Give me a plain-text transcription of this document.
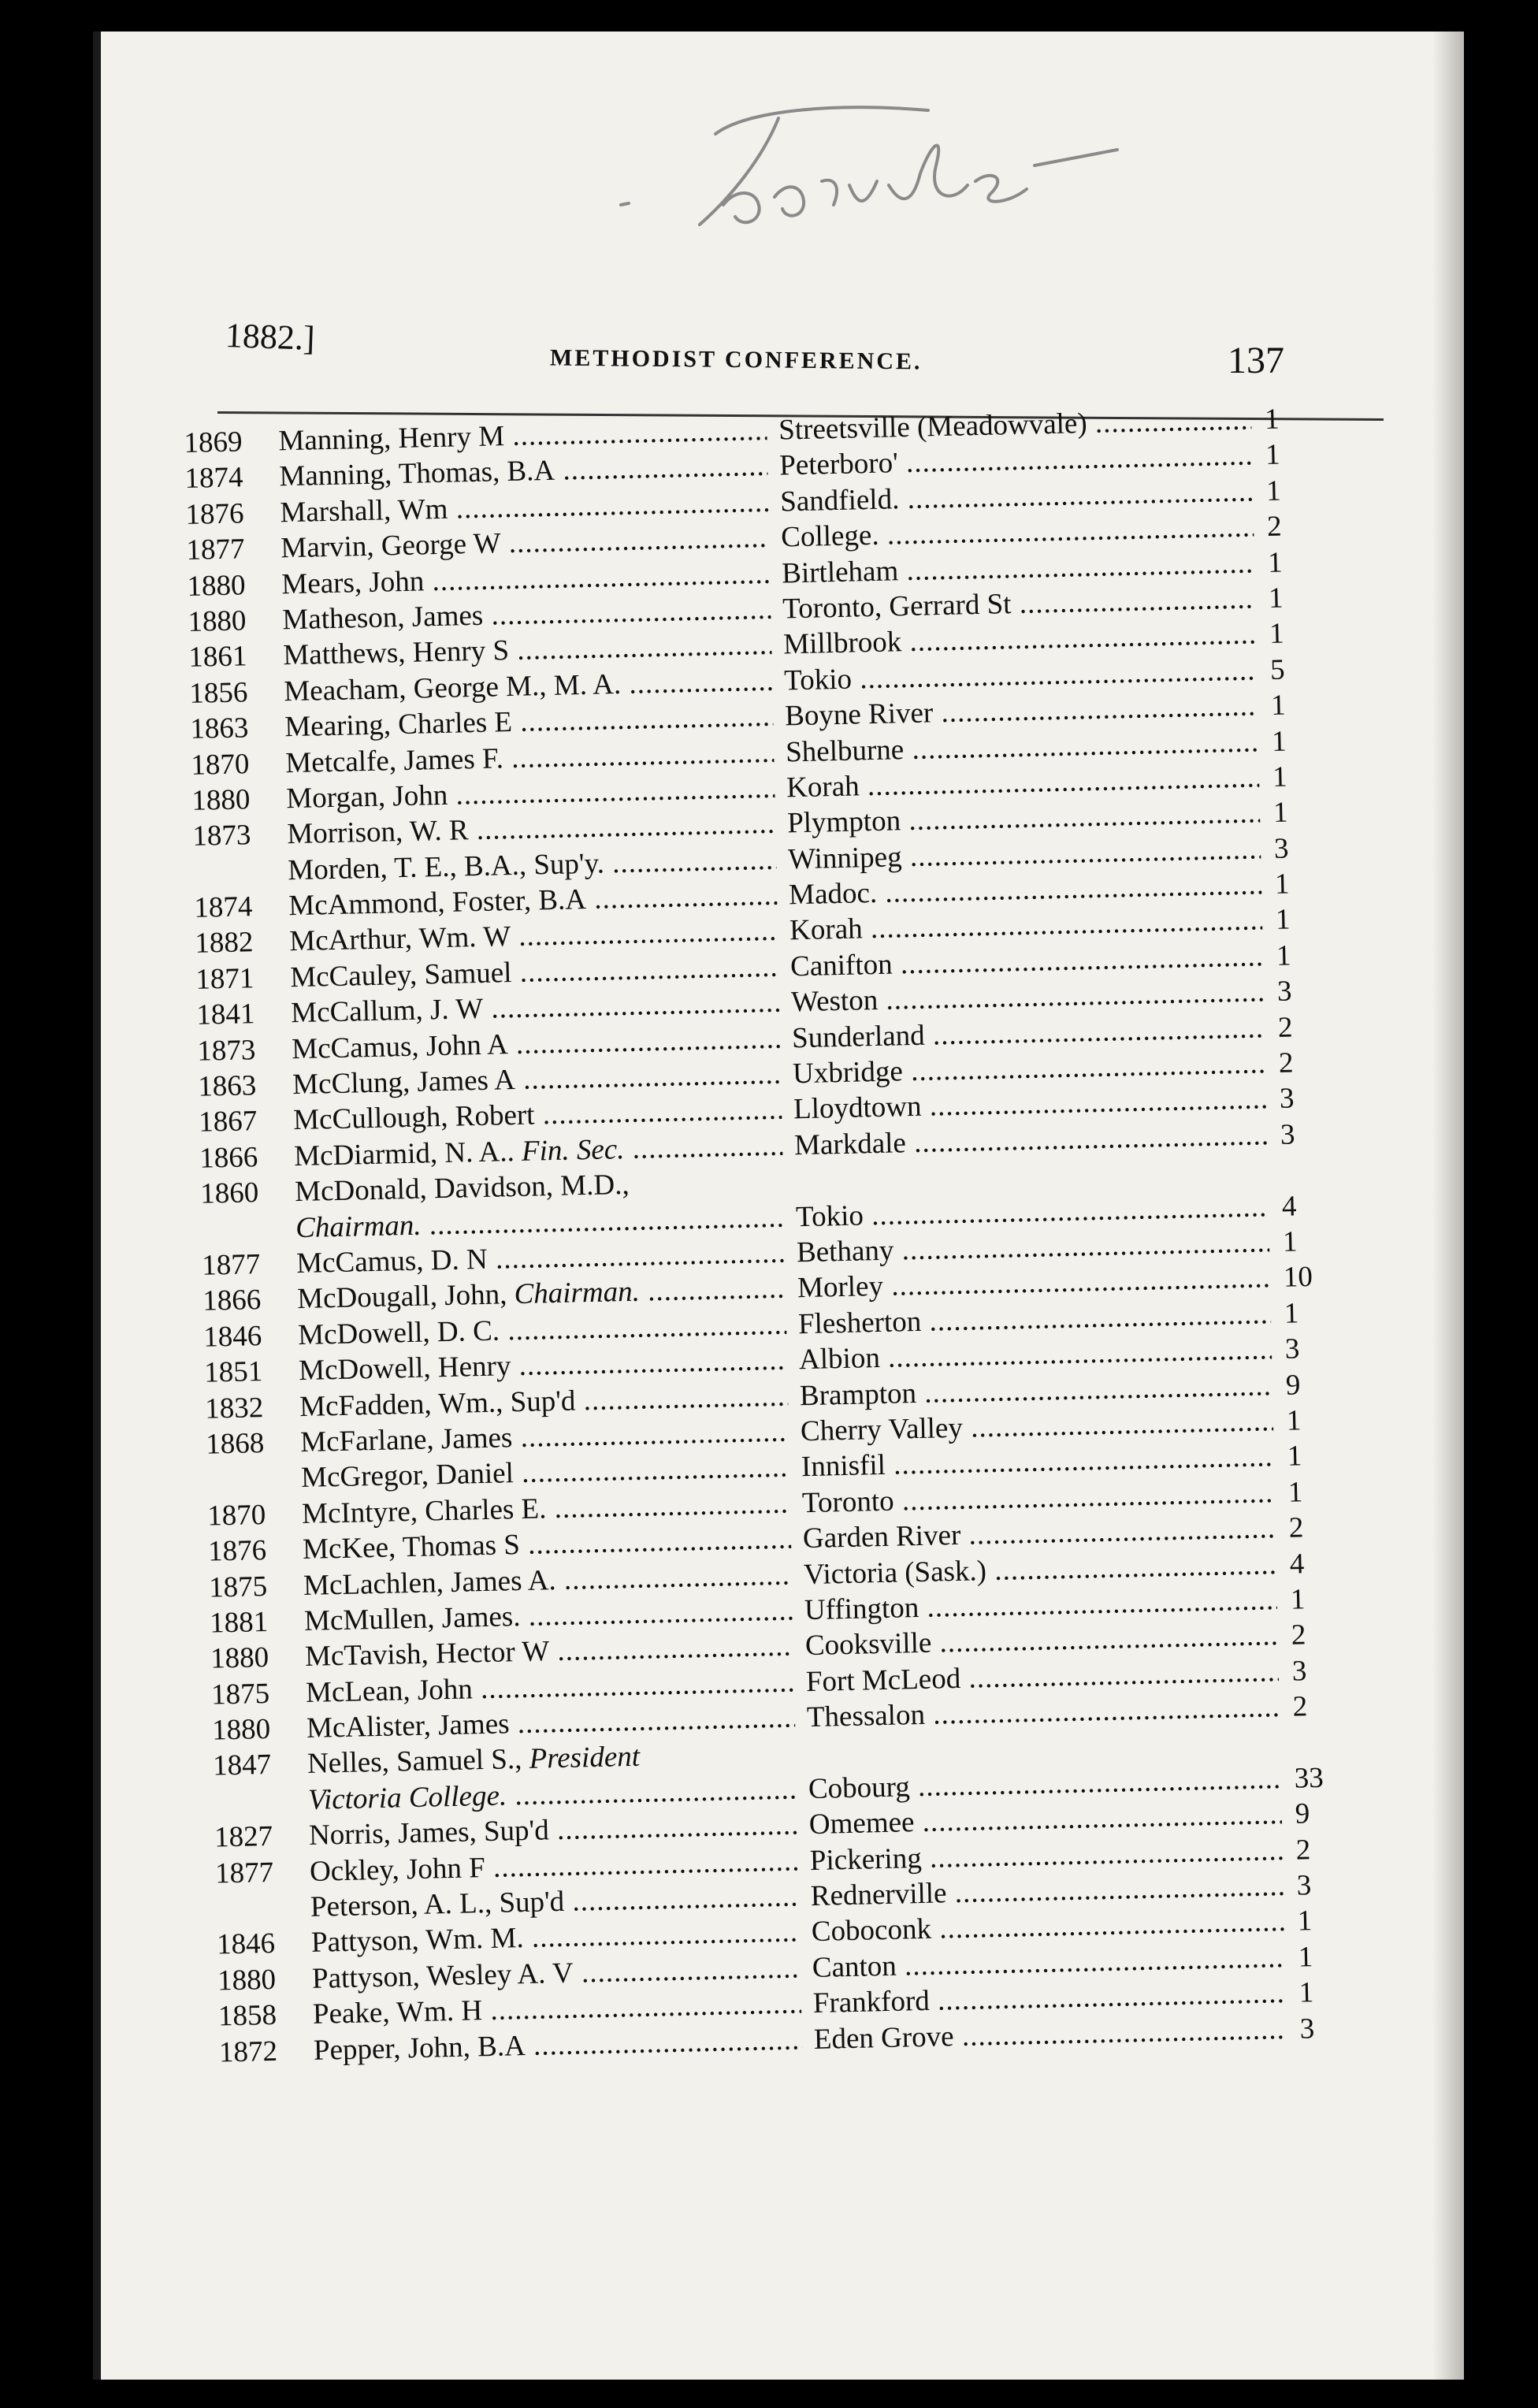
1882.]
METHODIST CONFERENCE.	137
1869	Manning, Henry M .....	Streetsville (Meadowvale) .....	1
1874	Manning, Thomas, B.A .....	Peterboro' .....	1
1876	Marshall, Wm .....	Sandfield. .....	1
1877	Marvin, George W .....	College. .....	2
1880	Mears, John .....	Birtleham .....	1
1880	Matheson, James .....	Toronto, Gerrard St .....	1
1861	Matthews, Henry S .....	Millbrook .....	1
1856	Meacham, George M., M. A. .....	Tokio .....	5
1863	Mearing, Charles E .....	Boyne River .....	1
1870	Metcalfe, James F. .....	Shelburne .....	1
1880	Morgan, John .....	Korah .....	1
1873	Morrison, W. R .....	Plympton .....	1
Morden, T. E., B.A., Sup'y. .....	Winnipeg .....	3
1874	McAmmond, Foster, B.A .....	Madoc. .....	1
1882	McArthur, Wm. W .....	Korah .....	1
1871	McCauley, Samuel .....	Canifton .....	1
1841	McCallum, J. W .....	Weston .....	3
1873	McCamus, John A .....	Sunderland .....	2
1863	McClung, James A .....	Uxbridge .....	2
1867	McCullough, Robert .....	Lloydtown .....	3
1866	McDiarmid, N. A.. Fin. Sec. .....	Markdale .....	3
1860	McDonald, Davidson, M.D.,
Chairman. .....	Tokio .....	4
1877	McCamus, D. N .....	Bethany .....	1
1866	McDougall, John, Chairman. .....	Morley .....	10
1846	McDowell, D. C. .....	Flesherton .....	1
1851	McDowell, Henry .....	Albion .....	3
1832	McFadden, Wm., Sup'd .....	Brampton .....	9
1868	McFarlane, James .....	Cherry Valley .....	1
McGregor, Daniel .....	Innisfil .....	1
1870	McIntyre, Charles E. .....	Toronto .....	1
1876	McKee, Thomas S .....	Garden River .....	2
1875	McLachlen, James A. .....	Victoria (Sask.) .....	4
1881	McMullen, James. .....	Uffington .....	1
1880	McTavish, Hector W .....	Cooksville .....	2
1875	McLean, John .....	Fort McLeod .....	3
1880	McAlister, James .....	Thessalon .....	2
1847	Nelles, Samuel S., President
Victoria College. .....	Cobourg .....	33
1827	Norris, James, Sup'd .....	Omemee .....	9
1877	Ockley, John F .....	Pickering .....	2
Peterson, A. L., Sup'd .....	Rednerville .....	3
1846	Pattyson, Wm. M. .....	Coboconk .....	1
1880	Pattyson, Wesley A. V .....	Canton .....	1
1858	Peake, Wm. H .....	Frankford .....	1
1872	Pepper, John, B.A .....	Eden Grove .....	3
